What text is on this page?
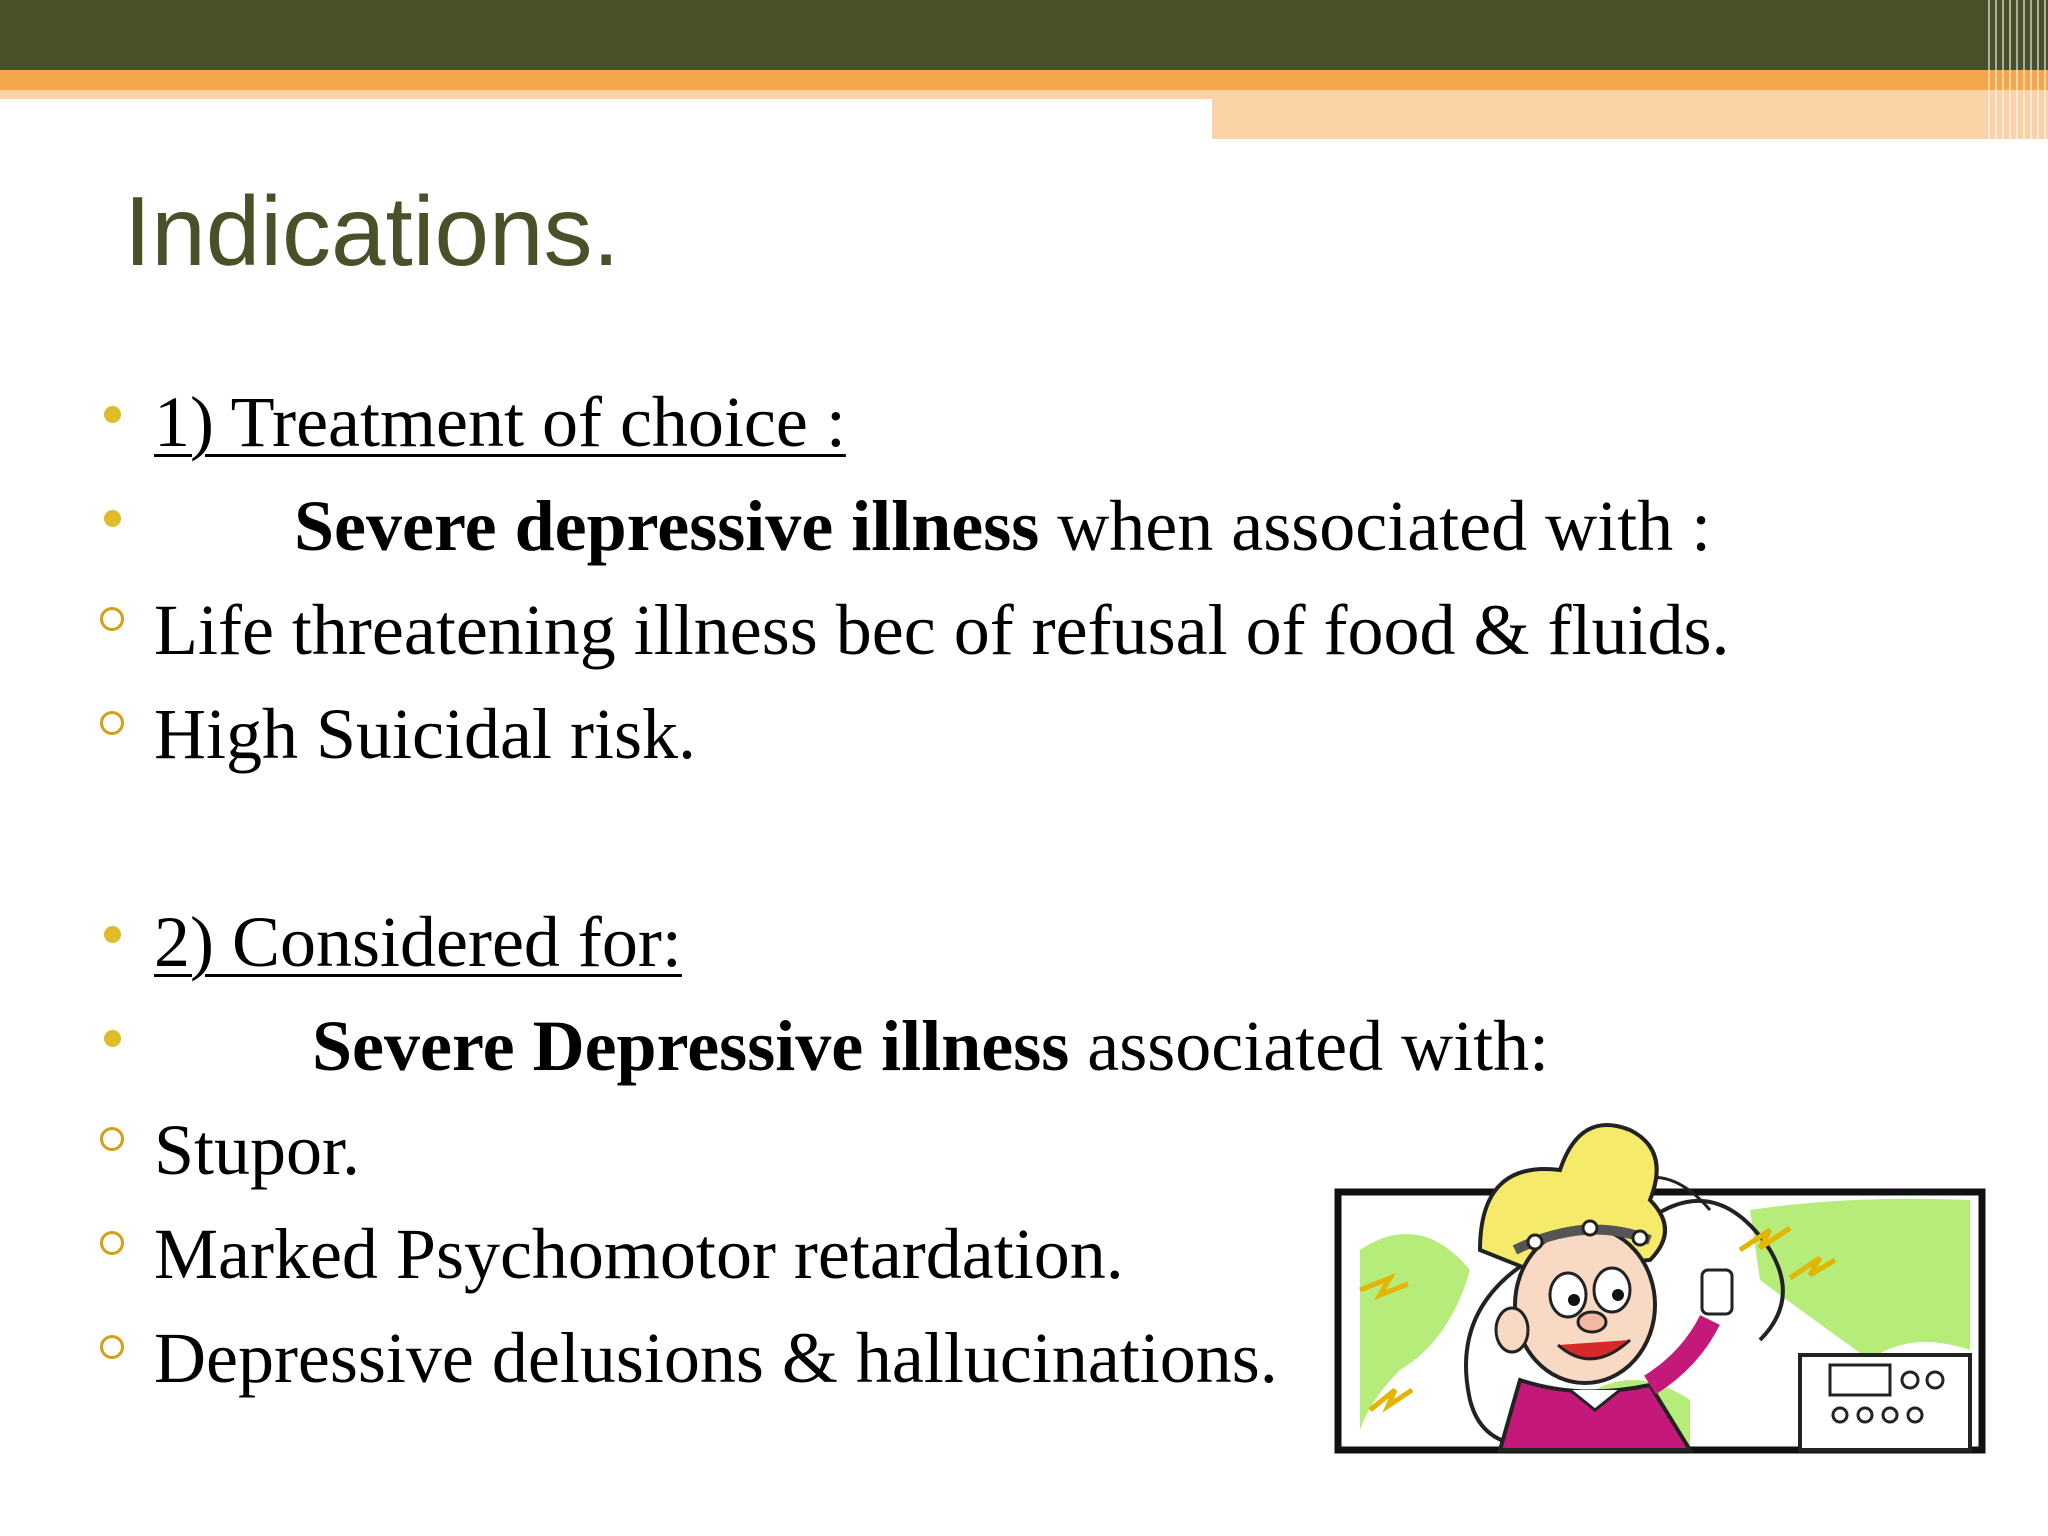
Indications.
1) Treatment of choice :
Severe depressive illness when associated with :
Life threatening illness bec of refusal of food & fluids.
High Suicidal risk.
2) Considered for:
Severe Depressive illness associated with:
Stupor.
Marked Psychomotor retardation.
Depressive delusions & hallucinations.
